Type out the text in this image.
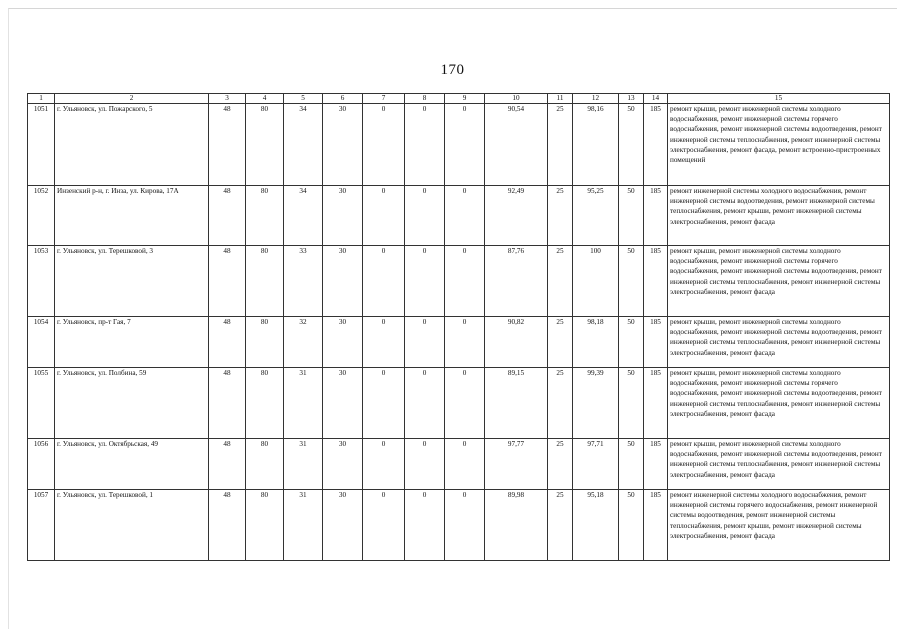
170
1	2	3	4	5	6	7	8	9	10	11	12	13	14	15
1051	г. Ульяновск, ул. Пожарского, 5	48	80	34	30	0	0	0	90,54	25	98,16	50	185	ремонт крыши, ремонт инженерной системы холодного водоснабжения, ремонт инженерной системы горячего водоснабжения, ремонт инженерной системы водоотведения, ремонт инженерной системы теплоснабжения, ремонт инженерной системы электроснабжения, ремонт фасада, ремонт встроенно-пристроенных помещений
1052	Инзенский р-н, г. Инза, ул. Кирова, 17А	48	80	34	30	0	0	0	92,49	25	95,25	50	185	ремонт инженерной системы холодного водоснабжения, ремонт инженерной системы водоотведения, ремонт инженерной системы теплоснабжения, ремонт крыши, ремонт инженерной системы электроснабжения, ремонт фасада
1053	г. Ульяновск, ул. Терешковой, 3	48	80	33	30	0	0	0	87,76	25	100	50	185	ремонт крыши, ремонт инженерной системы холодного водоснабжения, ремонт инженерной системы горячего водоснабжения, ремонт инженерной системы водоотведения, ремонт инженерной системы теплоснабжения, ремонт инженерной системы электроснабжения, ремонт фасада
1054	г. Ульяновск, пр-т Гая, 7	48	80	32	30	0	0	0	90,82	25	98,18	50	185	ремонт крыши, ремонт инженерной системы холодного водоснабжения, ремонт инженерной системы водоотведения, ремонт инженерной системы теплоснабжения, ремонт инженерной системы электроснабжения, ремонт фасада
1055	г. Ульяновск, ул. Полбина, 59	48	80	31	30	0	0	0	89,15	25	99,39	50	185	ремонт крыши, ремонт инженерной системы холодного водоснабжения, ремонт инженерной системы горячего водоснабжения, ремонт инженерной системы водоотведения, ремонт инженерной системы теплоснабжения, ремонт инженерной системы электроснабжения, ремонт фасада
1056	г. Ульяновск, ул. Октябрьская, 49	48	80	31	30	0	0	0	97,77	25	97,71	50	185	ремонт крыши, ремонт инженерной системы холодного водоснабжения, ремонт инженерной системы водоотведения, ремонт инженерной системы теплоснабжения, ремонт инженерной системы электроснабжения, ремонт фасада
1057	г. Ульяновск, ул. Терешковой, 1	48	80	31	30	0	0	0	89,98	25	95,18	50	185	ремонт инженерной системы холодного водоснабжения, ремонт инженерной системы горячего водоснабжения, ремонт инженерной системы водоотведения, ремонт инженерной системы теплоснабжения, ремонт крыши, ремонт инженерной системы электроснабжения, ремонт фасада
